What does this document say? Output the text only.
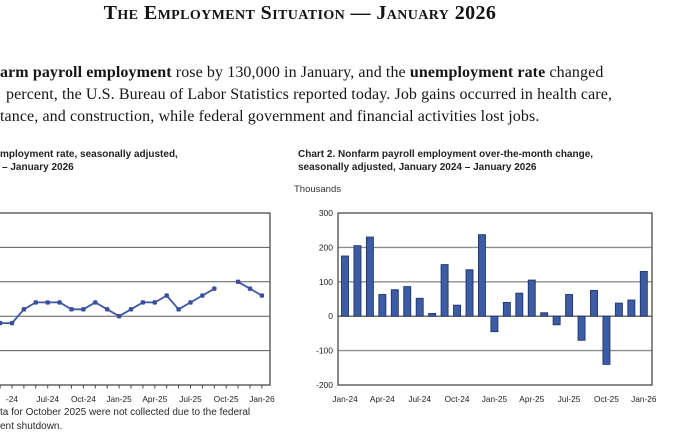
The Employment Situation — January 2026
arm payroll employment rose by 130,000 in January, and the unemployment rate changed
percent, the U.S. Bureau of Labor Statistics reported today. Job gains occurred in health care,
tance, and construction, while federal government and financial activities lost jobs.
mployment rate, seasonally adjusted,
– January 2026
Chart 2. Nonfarm payroll employment over-the-month change,
seasonally adjusted, January 2024 – January 2026
Thousands
-24 Jul-24 Oct-24 Jan-25 Apr-25 Jul-25 Oct-25 Jan-26
300
200
100
0
-100
-200
Jan-24 Apr-24 Jul-24 Oct-24 Jan-25 Apr-25 Jul-25 Oct-25 Jan-26
ta for October 2025 were not collected due to the federal
ent shutdown.
